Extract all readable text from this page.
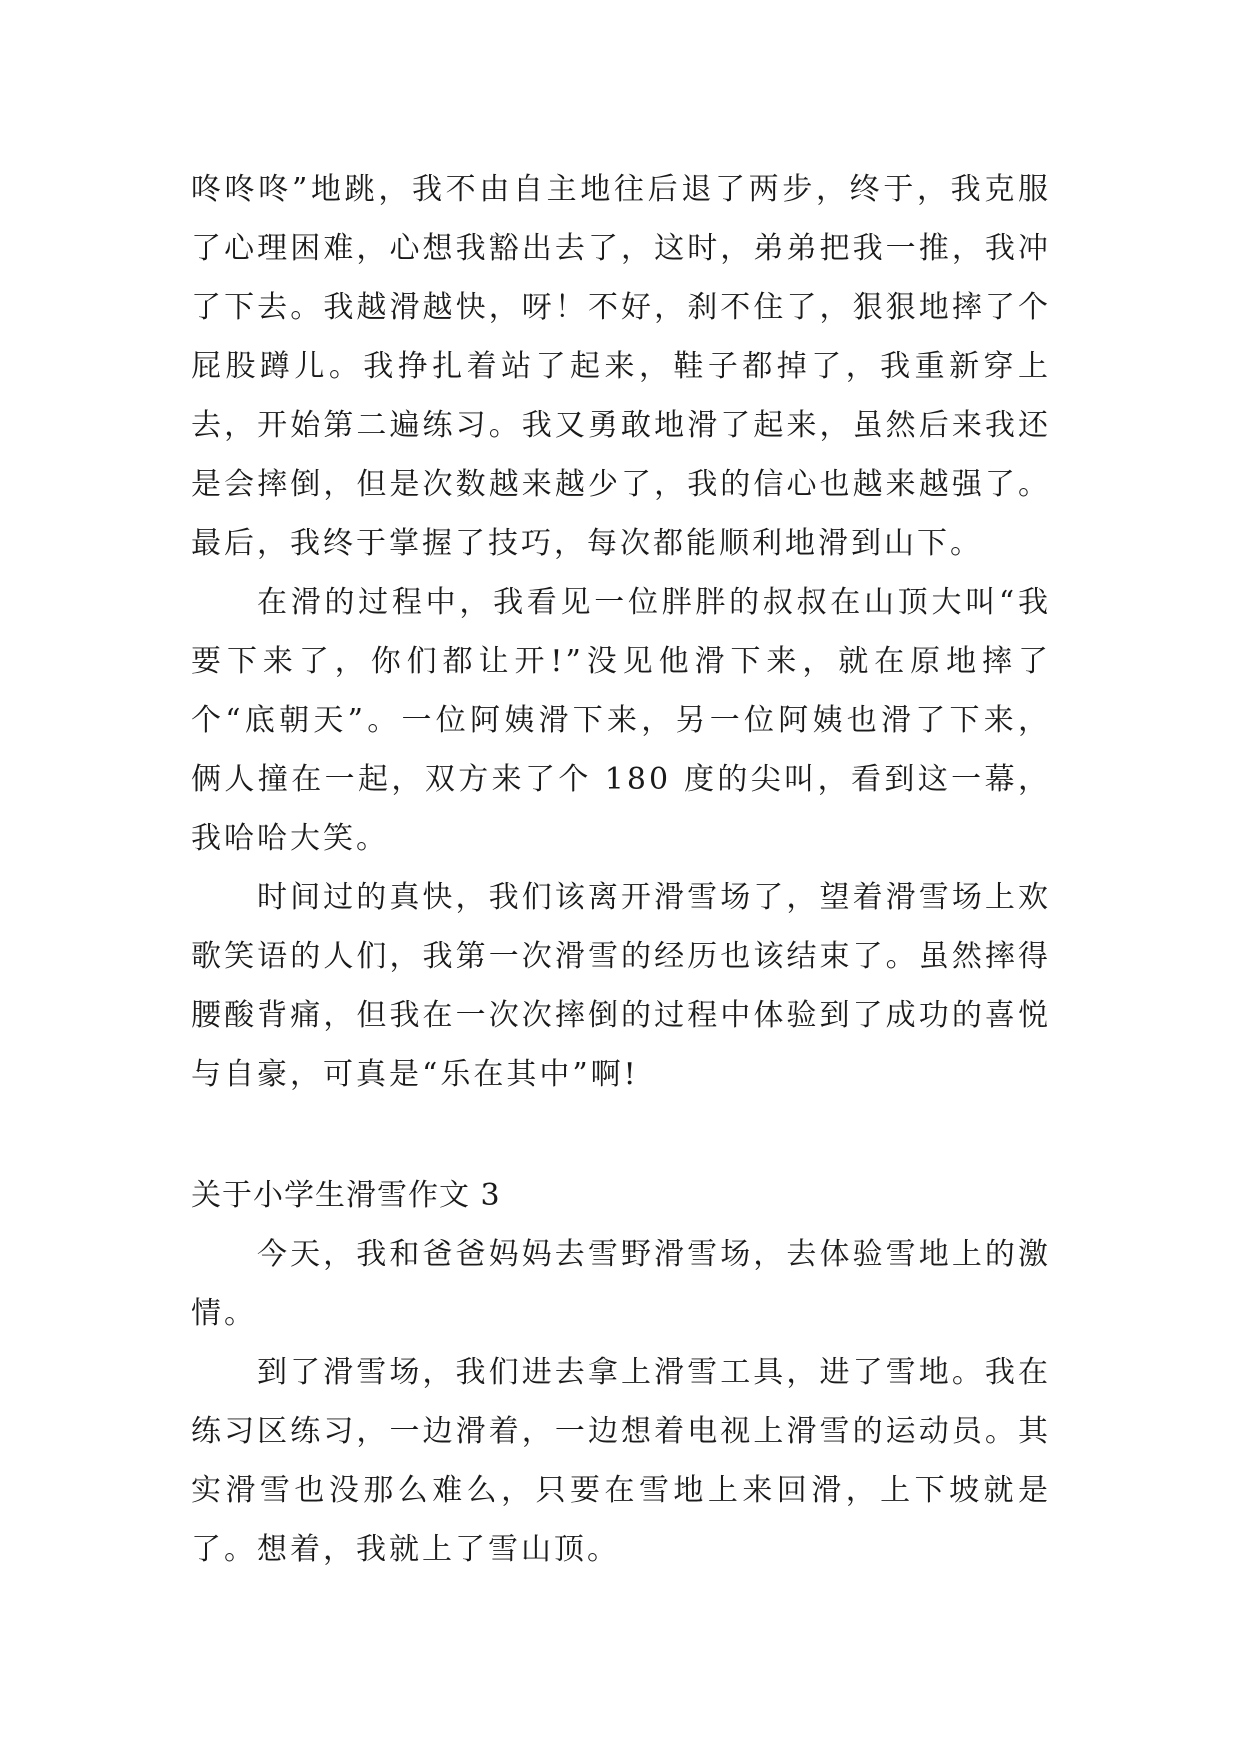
咚咚咚”地跳，我不由自主地往后退了两步，终于，我克服了心理困难，心想我豁出去了，这时，弟弟把我一推，我冲了下去。我越滑越快，呀！不好，刹不住了，狠狠地摔了个屁股蹲儿。我挣扎着站了起来，鞋子都掉了，我重新穿上去，开始第二遍练习。我又勇敢地滑了起来，虽然后来我还是会摔倒，但是次数越来越少了，我的信心也越来越强了。最后，我终于掌握了技巧，每次都能顺利地滑到山下。

在滑的过程中，我看见一位胖胖的叔叔在山顶大叫“我要下来了，你们都让开!”没见他滑下来，就在原地摔了个“底朝天”。一位阿姨滑下来，另一位阿姨也滑了下来，俩人撞在一起，双方来了个 180 度的尖叫，看到这一幕，我哈哈大笑。

时间过的真快，我们该离开滑雪场了，望着滑雪场上欢歌笑语的人们，我第一次滑雪的经历也该结束了。虽然摔得腰酸背痛，但我在一次次摔倒的过程中体验到了成功的喜悦与自豪，可真是“乐在其中”啊!

关于小学生滑雪作文 3

今天，我和爸爸妈妈去雪野滑雪场，去体验雪地上的激情。

到了滑雪场，我们进去拿上滑雪工具，进了雪地。我在练习区练习，一边滑着，一边想着电视上滑雪的运动员。其实滑雪也没那么难么，只要在雪地上来回滑，上下坡就是了。想着，我就上了雪山顶。
